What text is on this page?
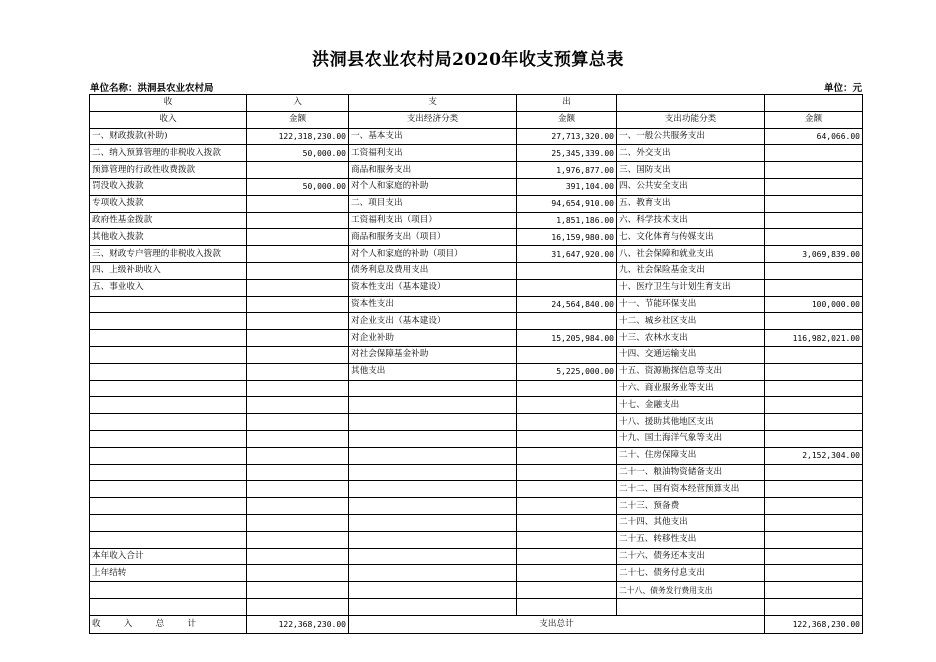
洪洞县农业农村局2020年收支预算总表
单位名称：洪洞县农业农村局	单位：元
收	入	支	出		
收入	金额	支出经济分类	金额	支出功能分类	金额
一、财政拨款(补助)	122,318,230.00	一、基本支出	27,713,320.00	一、一般公共服务支出	64,066.00
二、纳入预算管理的非税收入拨款	50,000.00	工资福利支出	25,345,339.00	二、外交支出	
预算管理的行政性收费拨款		商品和服务支出	1,976,877.00	三、国防支出	
罚没收入拨款	50,000.00	对个人和家庭的补助	391,104.00	四、公共安全支出	
专项收入拨款		二、项目支出	94,654,910.00	五、教育支出	
政府性基金拨款		工资福利支出（项目）	1,851,186.00	六、科学技术支出	
其他收入拨款		商品和服务支出（项目）	16,159,980.00	七、文化体育与传媒支出	
三、财政专户管理的非税收入拨款		对个人和家庭的补助（项目）	31,647,920.00	八、社会保障和就业支出	3,069,839.00
四、上级补助收入		债务利息及费用支出		九、社会保险基金支出	
五、事业收入		资本性支出（基本建设）		十、医疗卫生与计划生育支出	
		资本性支出	24,564,840.00	十一、节能环保支出	100,000.00
		对企业支出（基本建设）		十二、城乡社区支出	
		对企业补助	15,205,984.00	十三、农林水支出	116,982,021.00
		对社会保障基金补助		十四、交通运输支出	
		其他支出	5,225,000.00	十五、资源勘探信息等支出	
				十六、商业服务业等支出	
				十七、金融支出	
				十八、援助其他地区支出	
				十九、国土海洋气象等支出	
				二十、住房保障支出	2,152,304.00
				二十一、粮油物资储备支出	
				二十二、国有资本经营预算支出	
				二十三、预备费	
				二十四、其他支出	
				二十五、转移性支出	
本年收入合计				二十六、债务还本支出	
上年结转				二十七、债务付息支出	
				二十八、债务发行费用支出	

收　　入　　总　　计	122,368,230.00	支出总计			122,368,230.00
